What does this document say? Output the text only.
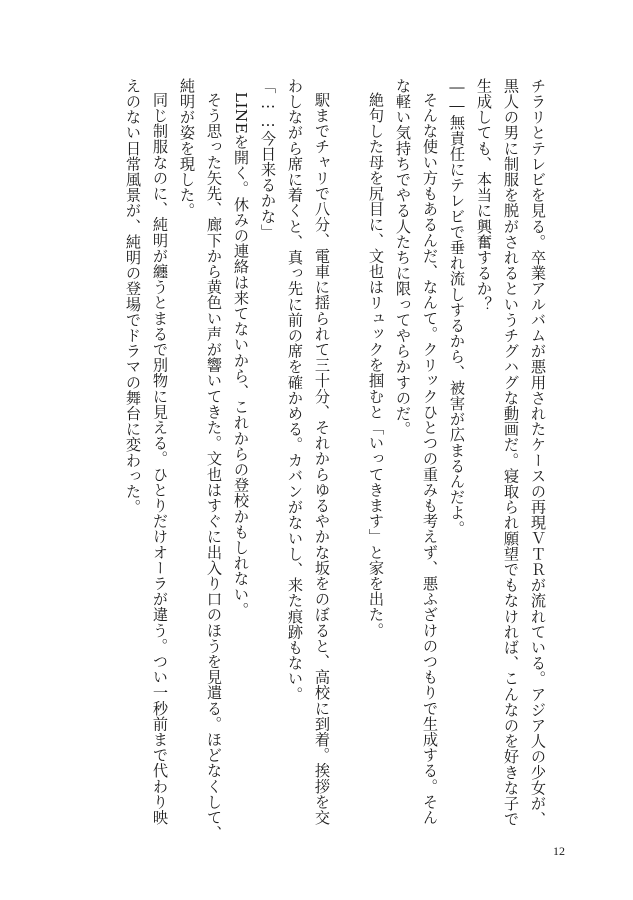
チラリとテレビを見る。卒業アルバムが悪用されたケースの再現ＶＴＲが流れている。アジア人の少女が、
黒人の男に制服を脱がされるというチグハグな動画だ。寝取られ願望でもなければ、こんなのを好きな子で
生成しても、本当に興奮するか？
――無責任にテレビで垂れ流しするから、被害が広まるんだよ。
そんな使い方もあるんだ、なんて。クリックひとつの重みも考えず、悪ふざけのつもりで生成する。そん
な軽い気持ちでやる人たちに限ってやらかすのだ。
絶句した母を尻目に、文也はリュックを掴むと「いってきます」と家を出た。
駅までチャリで八分、電車に揺られて三十分、それからゆるやかな坂をのぼると、高校に到着。挨拶を交
わしながら席に着くと、真っ先に前の席を確かめる。カバンがないし、来た痕跡もない。
「……今日来るかな」
LINEを開く。休みの連絡は来てないから、これからの登校かもしれない。
そう思った矢先、廊下から黄色い声が響いてきた。文也はすぐに出入り口のほうを見遣る。ほどなくして、
純明が姿を現した。
同じ制服なのに、純明が纏うとまるで別物に見える。ひとりだけオーラが違う。つい一秒前まで代わり映
えのない日常風景が、純明の登場でドラマの舞台に変わった。
12
